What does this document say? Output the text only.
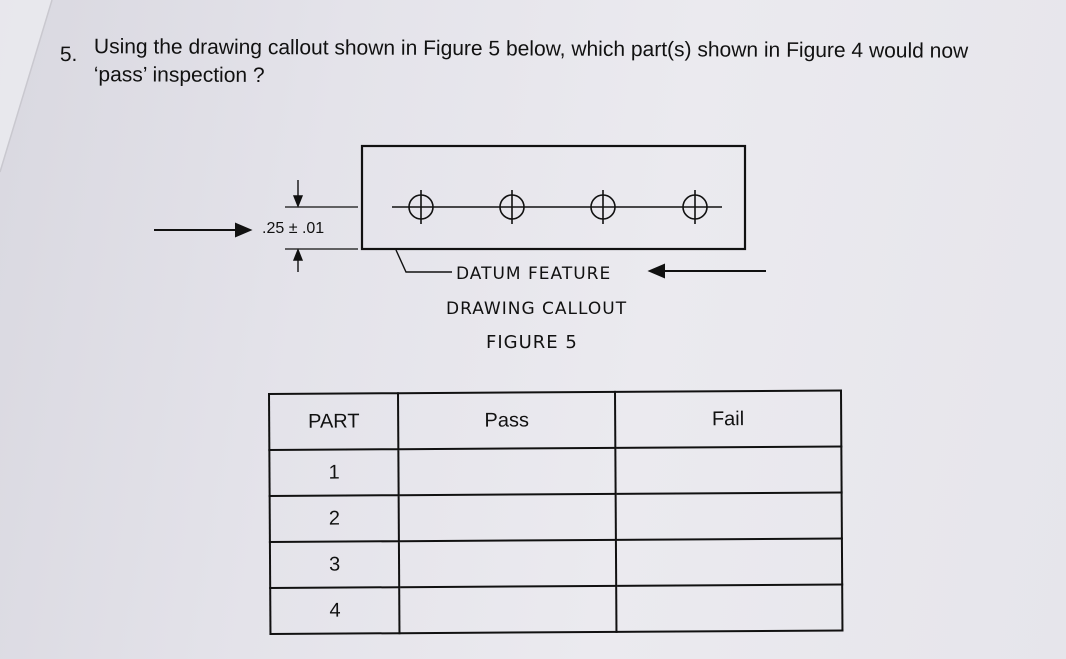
5. Using the drawing callout shown in Figure 5 below, which part(s) shown in Figure 4 would now
‘pass’ inspection ?
.25 ± .01
DATUM FEATURE
DRAWING CALLOUT
FIGURE 5
PART	Pass	Fail
1		
2		
3		
4		
